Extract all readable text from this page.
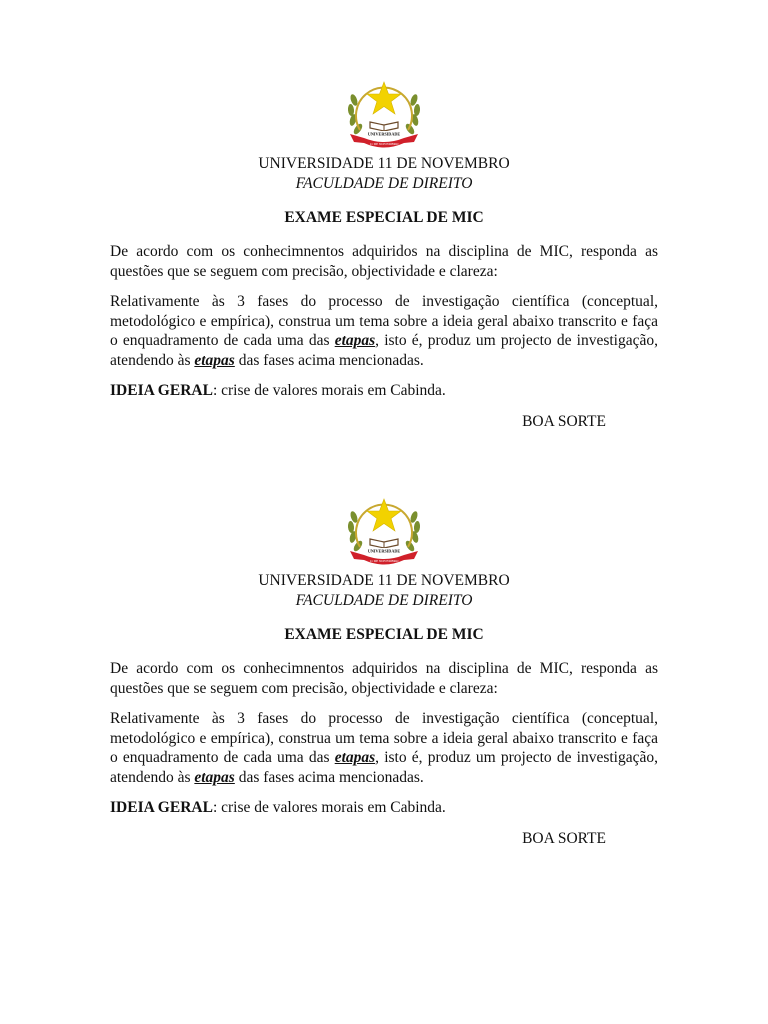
UNIVERSIDADE
11 DE NOVEMBRO
UNIVERSIDADE 11 DE NOVEMBRO
FACULDADE DE DIREITO
EXAME ESPECIAL DE MIC

De acordo com os conhecimnentos adquiridos na disciplina de MIC, responda as questões que se seguem com precisão, objectividade e clareza:

Relativamente às 3 fases do processo de investigação científica (conceptual, metodológico e empírica), construa um tema sobre a ideia geral abaixo transcrito e faça o enquadramento de cada uma das etapas, isto é, produz um projecto de investigação, atendendo às etapas das fases acima mencionadas.

IDEIA GERAL: crise de valores morais em Cabinda.

BOA SORTE
UNIVERSIDADE
11 DE NOVEMBRO
UNIVERSIDADE 11 DE NOVEMBRO
FACULDADE DE DIREITO
EXAME ESPECIAL DE MIC

De acordo com os conhecimnentos adquiridos na disciplina de MIC, responda as questões que se seguem com precisão, objectividade e clareza:

Relativamente às 3 fases do processo de investigação científica (conceptual, metodológico e empírica), construa um tema sobre a ideia geral abaixo transcrito e faça o enquadramento de cada uma das etapas, isto é, produz um projecto de investigação, atendendo às etapas das fases acima mencionadas.

IDEIA GERAL: crise de valores morais em Cabinda.

BOA SORTE
